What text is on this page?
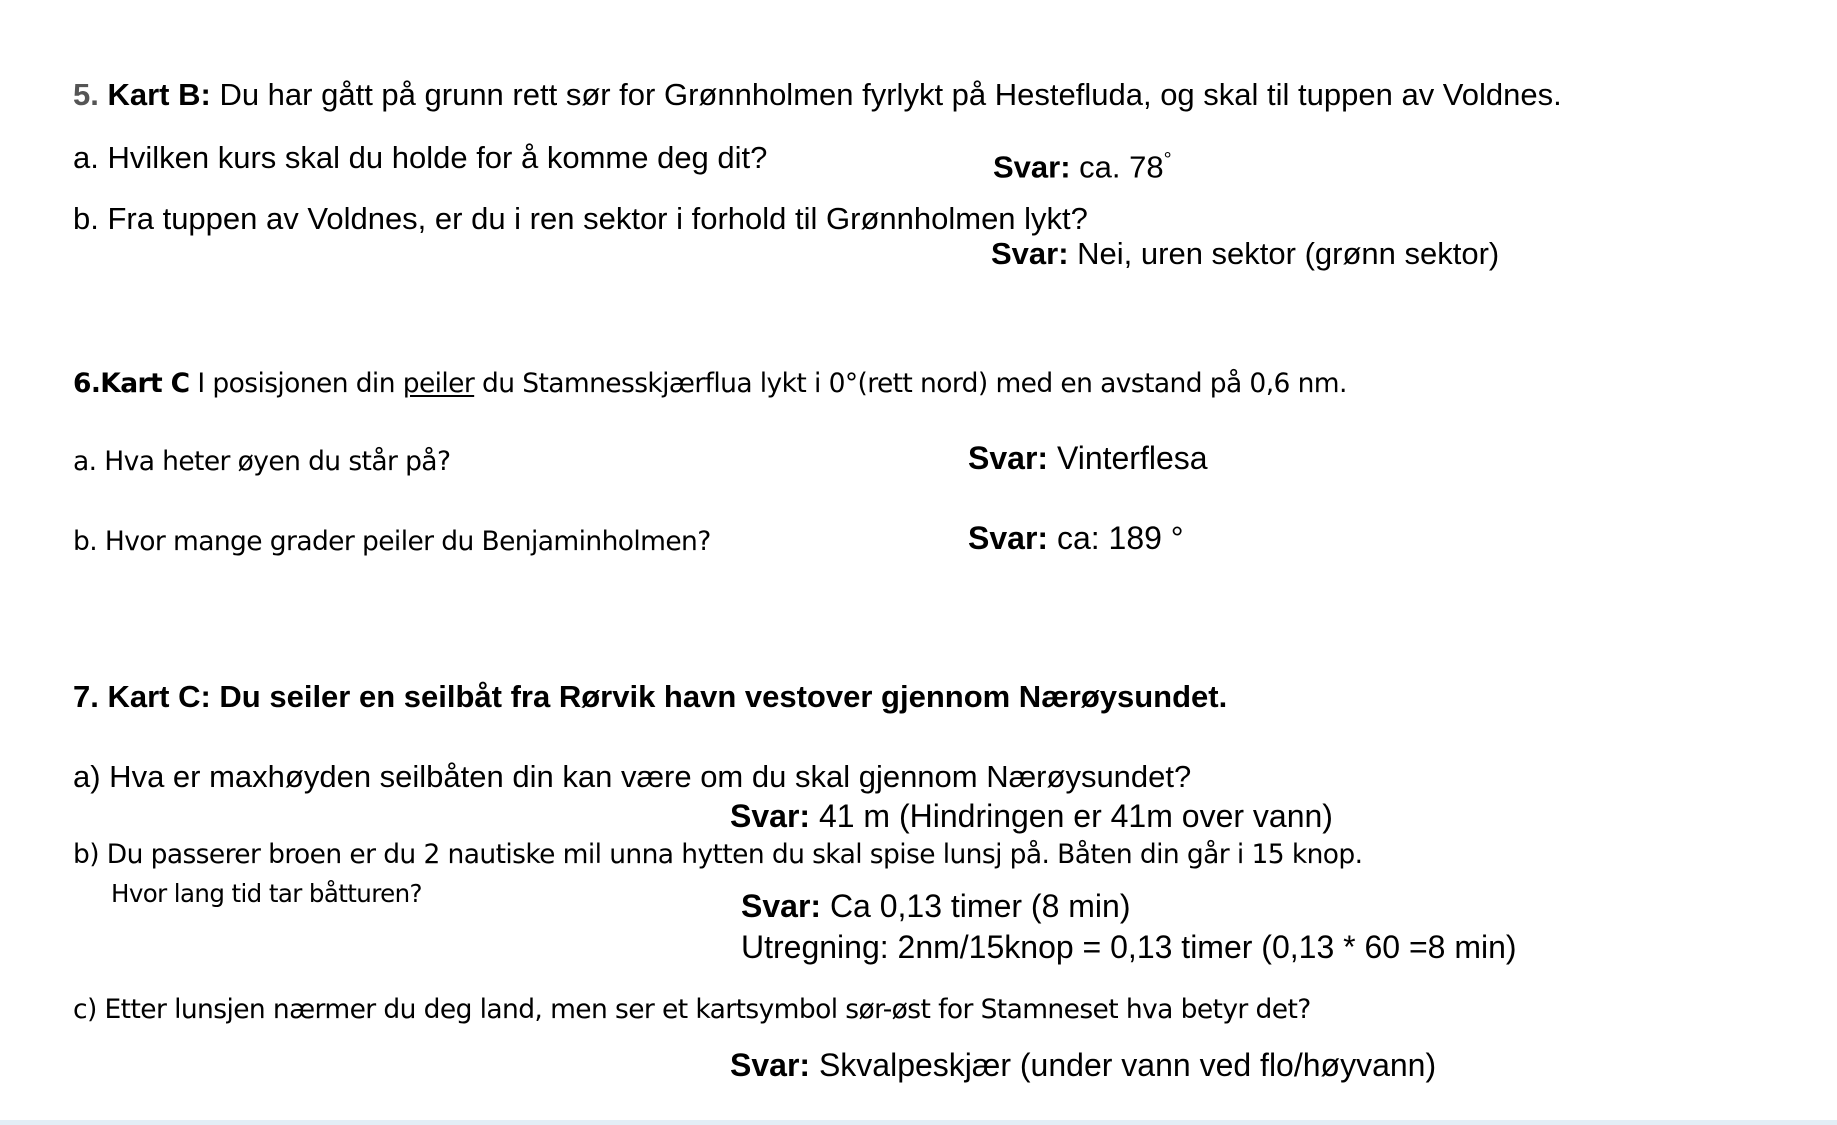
5. Kart B: Du har gått på grunn rett sør for Grønnholmen fyrlykt på Hestefluda, og skal til tuppen av Voldnes.

a. Hvilken kurs skal du holde for å komme deg dit?	Svar: ca. 78°

b. Fra tuppen av Voldnes, er du i ren sektor i forhold til Grønnholmen lykt?

Svar: Nei, uren sektor (grønn sektor)

6.Kart C I posisjonen din peiler du Stamnesskjærflua lykt i 0°(rett nord) med en avstand på 0,6 nm.

a. Hva heter øyen du står på?	Svar: Vinterflesa

b. Hvor mange grader peiler du Benjaminholmen?	Svar: ca: 189 °

7. Kart C: Du seiler en seilbåt fra Rørvik havn vestover gjennom Nærøysundet.

a) Hva er maxhøyden seilbåten din kan være om du skal gjennom Nærøysundet?

Svar: 41 m (Hindringen er 41m over vann)

b) Du passerer broen er du 2 nautiske mil unna hytten du skal spise lunsj på. Båten din går i 15 knop.

Hvor lang tid tar båtturen?	Svar: Ca 0,13 timer (8 min)

Utregning: 2nm/15knop = 0,13 timer (0,13 * 60 =8 min)

c) Etter lunsjen nærmer du deg land, men ser et kartsymbol sør-øst for Stamneset hva betyr det?

Svar: Skvalpeskjær (under vann ved flo/høyvann)
